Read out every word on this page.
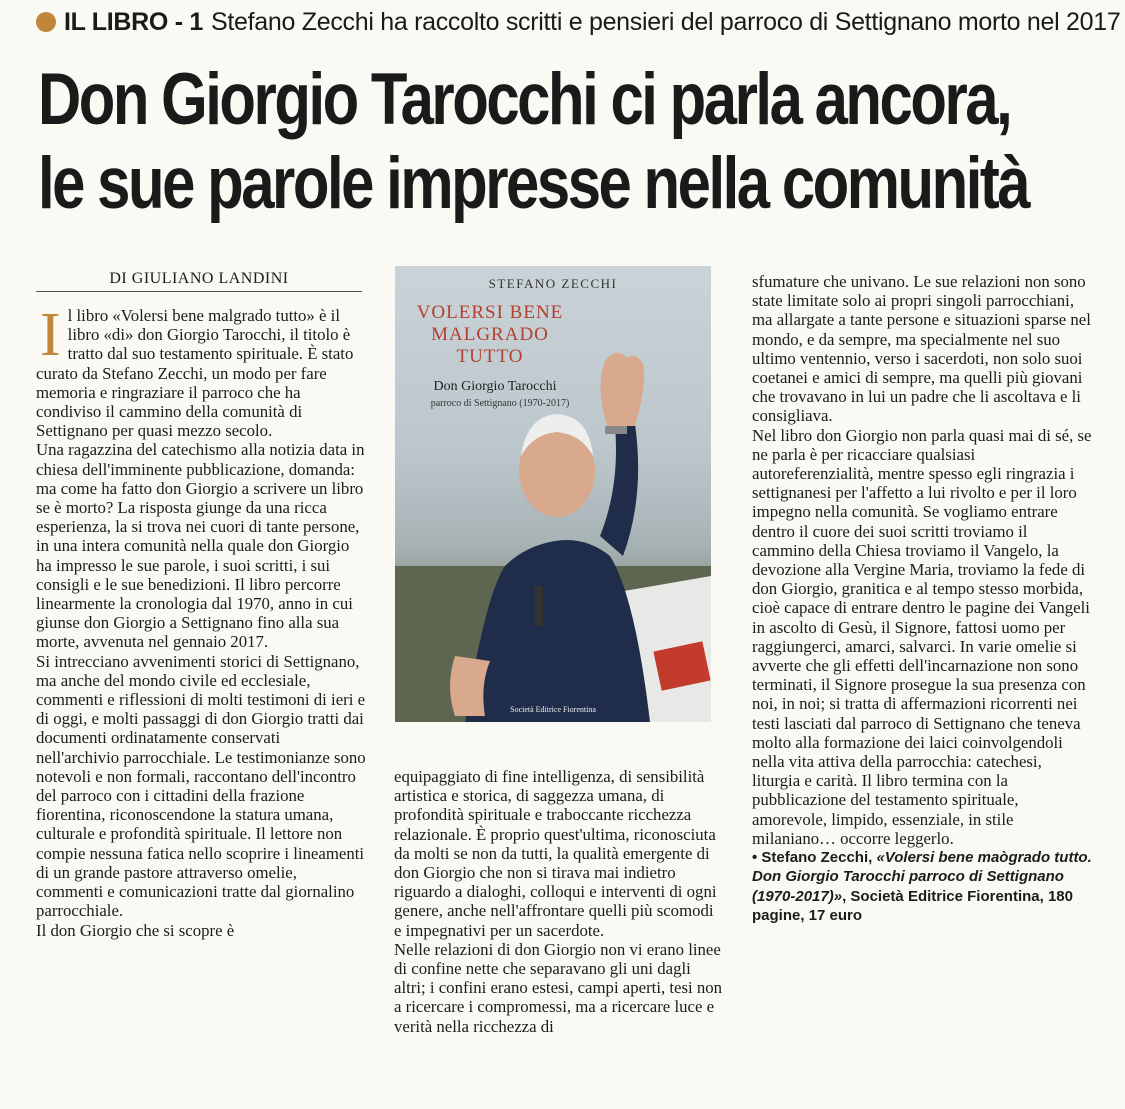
IL LIBRO - 1 Stefano Zecchi ha raccolto scritti e pensieri del parroco di Settignano morto nel 2017
Don Giorgio Tarocchi ci parla ancora,
le sue parole impresse nella comunità
DI GIULIANO LANDINI

Il libro «Volersi bene malgrado tutto» è il libro «di» don Giorgio Tarocchi, il titolo è tratto dal suo testamento spirituale. È stato curato da Stefano Zecchi, un modo per fare memoria e ringraziare il parroco che ha condiviso il cammino della comunità di Settignano per quasi mezzo secolo.

Una ragazzina del catechismo alla notizia data in chiesa dell'imminente pubblicazione, domanda: ma come ha fatto don Giorgio a scrivere un libro se è morto? La risposta giunge da una ricca esperienza, la si trova nei cuori di tante persone, in una intera comunità nella quale don Giorgio ha impresso le sue parole, i suoi scritti, i sui consigli e le sue benedizioni. Il libro percorre linearmente la cronologia dal 1970, anno in cui giunse don Giorgio a Settignano fino alla sua morte, avvenuta nel gennaio 2017.

Si intrecciano avvenimenti storici di Settignano, ma anche del mondo civile ed ecclesiale, commenti e riflessioni di molti testimoni di ieri e di oggi, e molti passaggi di don Giorgio tratti dai documenti ordinatamente conservati nell'archivio parrocchiale. Le testimonianze sono notevoli e non formali, raccontano dell'incontro del parroco con i cittadini della frazione fiorentina, riconoscendone la statura umana, culturale e profondità spirituale. Il lettore non compie nessuna fatica nello scoprire i lineamenti di un grande pastore attraverso omelie, commenti e comunicazioni tratte dal giornalino parrocchiale.

Il don Giorgio che si scopre è

STEFANO ZECCHI
VOLERSI BENE
MALGRADO
TUTTO
Don Giorgio Tarocchi
parroco di Settignano (1970-2017)
Società Editrice Fiorentina

equipaggiato di fine intelligenza, di sensibilità artistica e storica, di saggezza umana, di profondità spirituale e traboccante ricchezza relazionale. È proprio quest'ultima, riconosciuta da molti se non da tutti, la qualità emergente di don Giorgio che non si tirava mai indietro riguardo a dialoghi, colloqui e interventi di ogni genere, anche nell'affrontare quelli più scomodi e impegnativi per un sacerdote.

Nelle relazioni di don Giorgio non vi erano linee di confine nette che separavano gli uni dagli altri; i confini erano estesi, campi aperti, tesi non a ricercare i compromessi, ma a ricercare luce e verità nella ricchezza di

sfumature che univano. Le sue relazioni non sono state limitate solo ai propri singoli parrocchiani, ma allargate a tante persone e situazioni sparse nel mondo, e da sempre, ma specialmente nel suo ultimo ventennio, verso i sacerdoti, non solo suoi coetanei e amici di sempre, ma quelli più giovani che trovavano in lui un padre che li ascoltava e li consigliava.

Nel libro don Giorgio non parla quasi mai di sé, se ne parla è per ricacciare qualsiasi autoreferenzialità, mentre spesso egli ringrazia i settignanesi per l'affetto a lui rivolto e per il loro impegno nella comunità. Se vogliamo entrare dentro il cuore dei suoi scritti troviamo il cammino della Chiesa troviamo il Vangelo, la devozione alla Vergine Maria, troviamo la fede di don Giorgio, granitica e al tempo stesso morbida, cioè capace di entrare dentro le pagine dei Vangeli in ascolto di Gesù, il Signore, fattosi uomo per raggiungerci, amarci, salvarci. In varie omelie si avverte che gli effetti dell'incarnazione non sono terminati, il Signore prosegue la sua presenza con noi, in noi; si tratta di affermazioni ricorrenti nei testi lasciati dal parroco di Settignano che teneva molto alla formazione dei laici coinvolgendoli nella vita attiva della parrocchia: catechesi, liturgia e carità. Il libro termina con la pubblicazione del testamento spirituale, amorevole, limpido, essenziale, in stile milaniano… occorre leggerlo.

• Stefano Zecchi, «Volersi bene maògrado tutto. Don Giorgio Tarocchi parroco di Settignano (1970-2017)», Società Editrice Fiorentina, 180 pagine, 17 euro
